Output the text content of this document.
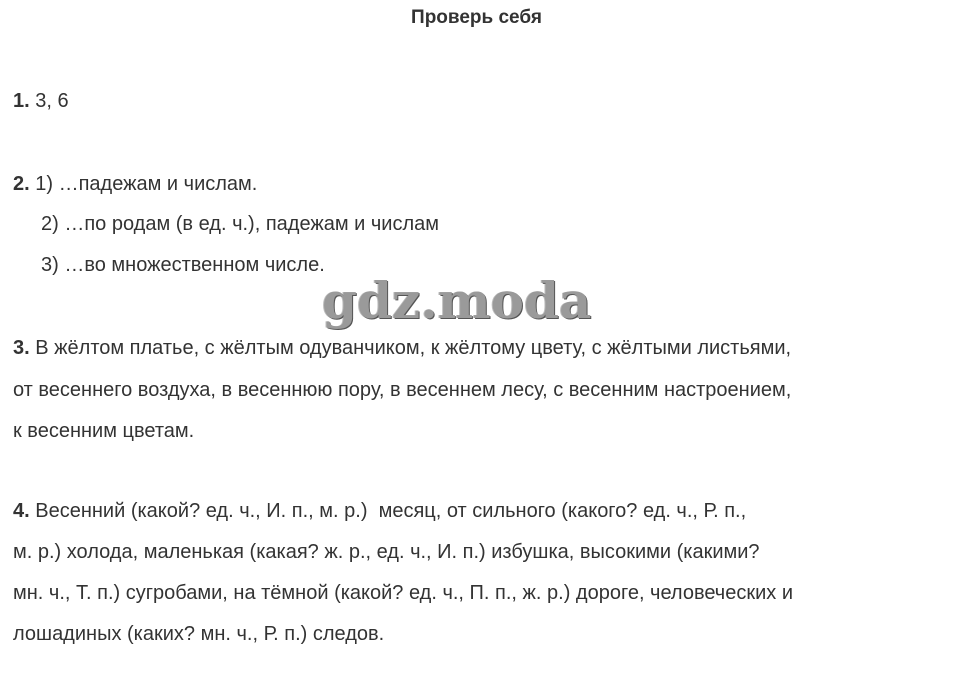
Проверь себя
1. 3, 6
2. 1) …падежам и числам.
2) …по родам (в ед. ч.), падежам и числам
3) …во множественном числе.
gdz.moda
3. В жёлтом платье, с жёлтым одуванчиком, к жёлтому цвету, с жёлтыми листьями,
от весеннего воздуха, в весеннюю пору, в весеннем лесу, с весенним настроением,
к весенним цветам.
4. Весенний (какой? ед. ч., И. п., м. р.)  месяц, от сильного (какого? ед. ч., Р. п.,
м. р.) холода, маленькая (какая? ж. р., ед. ч., И. п.) избушка, высокими (какими?
мн. ч., Т. п.) сугробами, на тёмной (какой? ед. ч., П. п., ж. р.) дороге, человеческих и
лошадиных (каких? мн. ч., Р. п.) следов.
